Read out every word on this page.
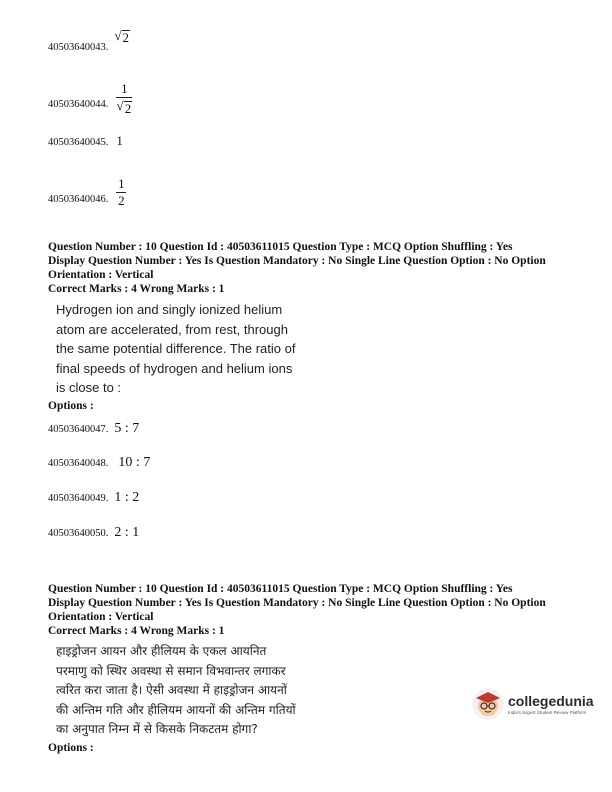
40503640043.
√ 2
40503640044. $\frac{1}{√ 2}$
40503640045. 1
40503640046. $\frac{1}{2}$
Question Number : 10 Question Id : 40503611015 Question Type : MCQ Option Shuffling : Yes
Display Question Number : Yes Is Question Mandatory : No Single Line Question Option : No Option
Orientation : Vertical
Correct Marks : 4 Wrong Marks : 1
Hydrogen ion and singly ionized helium atom are accelerated, from rest, through the same potential difference. The ratio of final speeds of hydrogen and helium ions is close to :
Options :
40503640047. 5 : 7
40503640048. 10 : 7
40503640049. 1 : 2
40503640050. 2 : 1
Question Number : 10 Question Id : 40503611015 Question Type : MCQ Option Shuffling : Yes
Display Question Number : Yes Is Question Mandatory : No Single Line Question Option : No Option
Orientation : Vertical
Correct Marks : 4 Wrong Marks : 1
हाइड्रोजन आयन और हीलियम के एकल आयनित परमाणु को स्थिर अवस्था से समान विभवान्तर लगाकर त्वरित करा जाता है। ऐसी अवस्था में हाइड्रोजन आयनों की अन्तिम गति और हीलियम आयनों की अन्तिम गतियों का अनुपात निम्न में से किसके निकटतम होगा?
Options :
collegedunia
India's largest Student Review Platform
